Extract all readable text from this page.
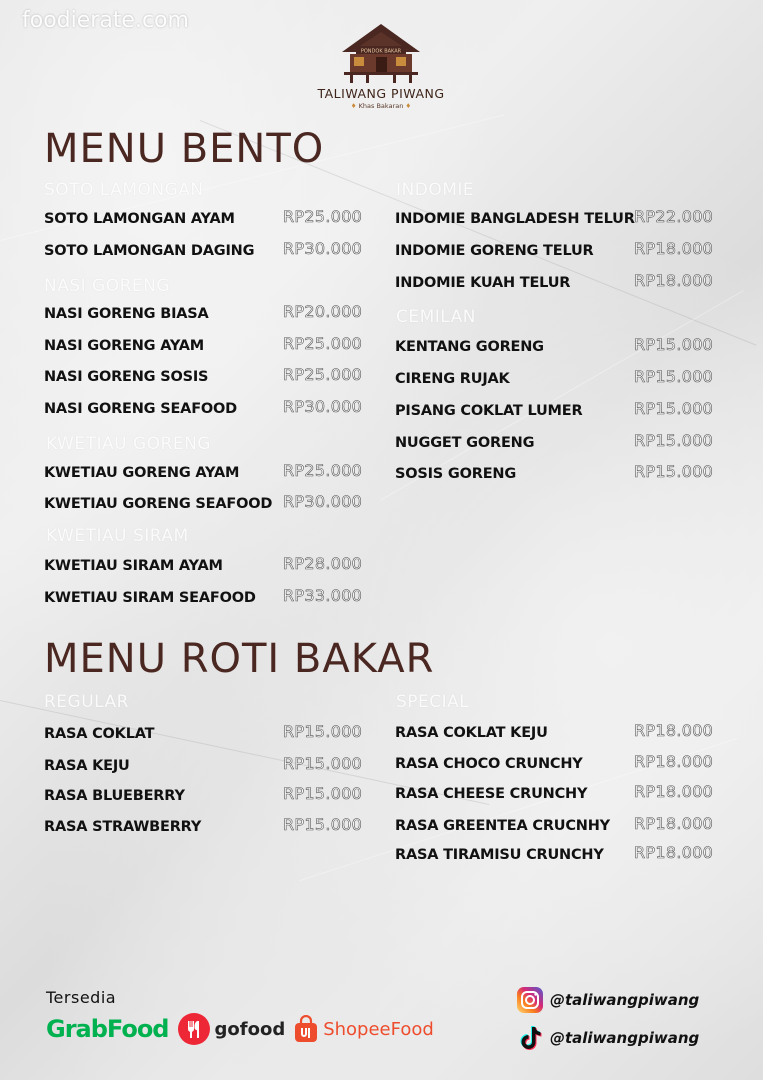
foodierate.com
PONDOK BAKAR
TALIWANG PIWANG
♦ Khas Bakaran ♦
MENU BENTO
SOTO LAMONGAN
SOTO LAMONGAN AYAM	RP25.000
SOTO LAMONGAN DAGING RP30.000
NASI GORENG
NASI GORENG BIASA	RP20.000
NASI GORENG AYAM	RP25.000
NASI GORENG SOSIS	RP25.000
NASI GORENG SEAFOOD	RP30.000
KWETIAU GORENG
KWETIAU GORENG AYAM	RP25.000
KWETIAU GORENG SEAFOOD RP30.000
KWETIAU SIRAM
KWETIAU SIRAM AYAM	RP28.000
KWETIAU SIRAM SEAFOOD RP33.000
INDOMIE
INDOMIE BANGLADESH TELUR RP22.000
INDOMIE GORENG TELUR	RP18.000
INDOMIE KUAH TELUR	RP18.000
CEMILAN
KENTANG GORENG	RP15.000
CIRENG RUJAK	RP15.000
PISANG COKLAT LUMER	RP15.000
NUGGET GORENG	RP15.000
SOSIS GORENG	RP15.000
MENU ROTI BAKAR
REGULAR
RASA COKLAT	RP15.000
RASA KEJU	RP15.000
RASA BLUEBERRY	RP15.000
RASA STRAWBERRY	RP15.000
SPECIAL
RASA COKLAT KEJU	RP18.000
RASA CHOCO CRUNCHY	RP18.000
RASA CHEESE CRUNCHY	RP18.000
RASA GREENTEA CRUCNHY RP18.000
RASA TIRAMISU CRUNCHY RP18.000
Tersedia
GrabFood	gofood ShopeeFood
@taliwangpiwang
@taliwangpiwang
